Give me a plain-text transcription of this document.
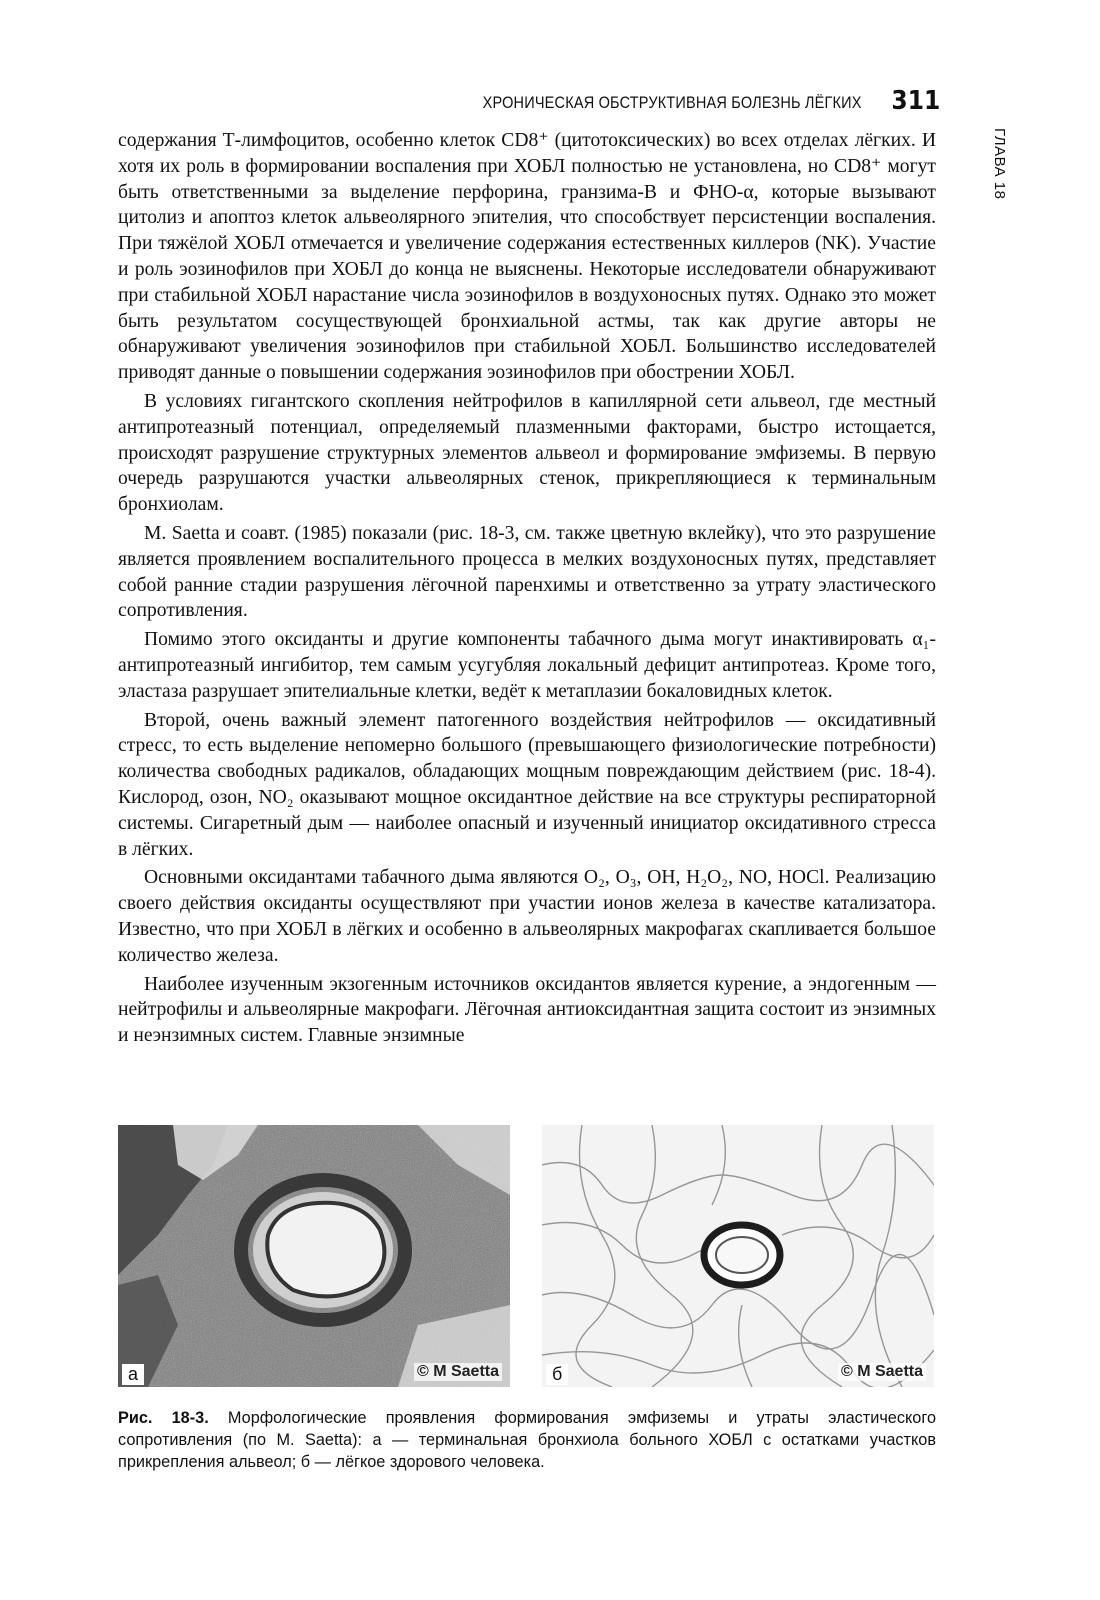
ХРОНИЧЕСКАЯ ОБСТРУКТИВНАЯ БОЛЕЗНЬ ЛЁГКИХ 311
ГЛАВА 18

содержания Т-лимфоцитов, особенно клеток CD8⁺ (цитотоксических) во всех отделах лёгких. И хотя их роль в формировании воспаления при ХОБЛ полностью не установлена, но CD8⁺ могут быть ответственными за выделение перфорина, гранзима-В и ФНО-α, которые вызывают цитолиз и апоптоз клеток альвеолярного эпителия, что способствует персистенции воспаления. При тяжёлой ХОБЛ отмечается и увеличение содержания естественных киллеров (NK). Участие и роль эозинофилов при ХОБЛ до конца не выяснены. Некоторые исследователи обнаруживают при стабильной ХОБЛ нарастание числа эозинофилов в воздухоносных путях. Однако это может быть результатом сосуществующей бронхиальной астмы, так как другие авторы не обнаруживают увеличения эозинофилов при стабильной ХОБЛ. Большинство исследователей приводят данные о повышении содержания эозинофилов при обострении ХОБЛ.

В условиях гигантского скопления нейтрофилов в капиллярной сети альвеол, где местный антипротеазный потенциал, определяемый плазменными факторами, быстро истощается, происходят разрушение структурных элементов альвеол и формирование эмфиземы. В первую очередь разрушаются участки альвеолярных стенок, прикрепляющиеся к терминальным бронхиолам.

M. Saetta и соавт. (1985) показали (рис. 18-3, см. также цветную вклейку), что это разрушение является проявлением воспалительного процесса в мелких воздухоносных путях, представляет собой ранние стадии разрушения лёгочной паренхимы и ответственно за утрату эластического сопротивления.

Помимо этого оксиданты и другие компоненты табачного дыма могут инактивировать α₁-антипротеазный ингибитор, тем самым усугубляя локальный дефицит антипротеаз. Кроме того, эластаза разрушает эпителиальные клетки, ведёт к метаплазии бокаловидных клеток.

Второй, очень важный элемент патогенного воздействия нейтрофилов — оксидативный стресс, то есть выделение непомерно большого (превышающего физиологические потребности) количества свободных радикалов, обладающих мощным повреждающим действием (рис. 18-4). Кислород, озон, NO₂ оказывают мощное оксидантное действие на все структуры респираторной системы. Сигаретный дым — наиболее опасный и изученный инициатор оксидативного стресса в лёгких.

Основными оксидантами табачного дыма являются O₂, O₃, OH, H₂O₂, NO, HOCl. Реализацию своего действия оксиданты осуществляют при участии ионов железа в качестве катализатора. Известно, что при ХОБЛ в лёгких и особенно в альвеолярных макрофагах скапливается большое количество железа.

Наиболее изученным экзогенным источников оксидантов является курение, а эндогенным — нейтрофилы и альвеолярные макрофаги. Лёгочная антиоксидантная защита состоит из энзимных и неэнзимных систем. Главные энзимные

а	© M Saetta	б	© M Saetta
Рис. 18-3. Морфологические проявления формирования эмфиземы и утраты эластического сопротивления (по M. Saetta): а — терминальная бронхиола больного ХОБЛ с остатками участков прикрепления альвеол; б — лёгкое здорового человека.
